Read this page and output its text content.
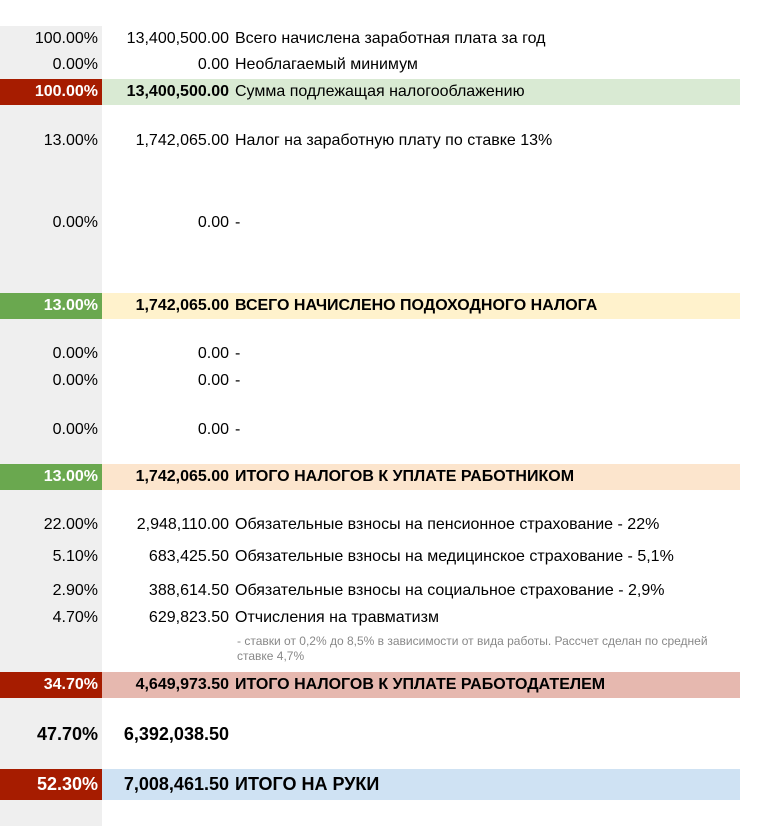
100.00%	13,400,500.00 Всего начислена заработная плата за год
0.00%	0.00 Необлагаемый минимум
100.00%	13,400,500.00 Сумма подлежащая налогооблажению
13.00%	1,742,065.00 Налог на заработную плату по ставке 13%
0.00%	0.00 -
13.00%	1,742,065.00 ВСЕГО НАЧИСЛЕНО ПОДОХОДНОГО НАЛОГА
0.00%	0.00 -
0.00%	0.00 -
0.00%	0.00 -
13.00%	1,742,065.00 ИТОГО НАЛОГОВ К УПЛАТЕ РАБОТНИКОМ
22.00%	2,948,110.00 Обязательные взносы на пенсионное страхование - 22%
5.10%	683,425.50 Обязательные взносы на медицинское страхование - 5,1%
2.90%	388,614.50 Обязательные взносы на социальное страхование - 2,9%
4.70%	629,823.50 Отчисления на травматизм
- ставки от 0,2% до 8,5% в зависимости от вида работы. Рассчет сделан по средней ставке 4,7%
34.70%	4,649,973.50 ИТОГО НАЛОГОВ К УПЛАТЕ РАБОТОДАТЕЛЕМ
47.70%	6,392,038.50
52.30%	7,008,461.50 ИТОГО НА РУКИ
